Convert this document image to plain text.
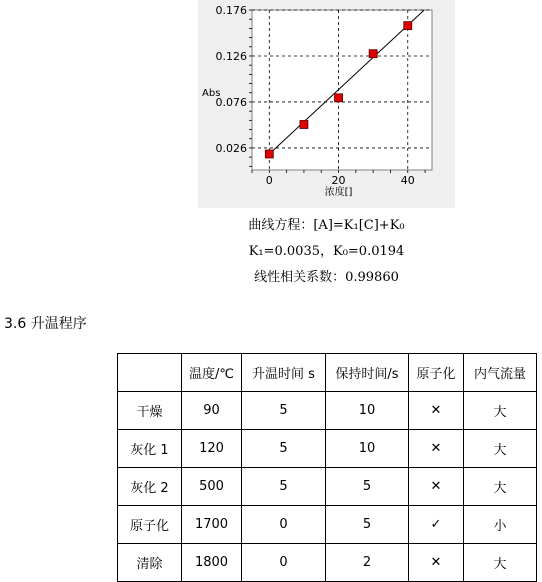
0.026
0.076
0.126
0.176
0	20	40
Abs
浓度[]
曲线方程：[A]=K₁[C]+K₀
K₁=0.0035，K₀=0.0194
线性相关系数：0.99860
3.6 升温程序
	温度/℃	升温时间 s	保持时间/s	原子化	内气流量
干燥	90	5	10	✕	大
灰化 1	120	5	10	✕	大
灰化 2	500	5	5	✕	大
原子化	1700	0	5	✓	小
清除	1800	0	2	✕	大
